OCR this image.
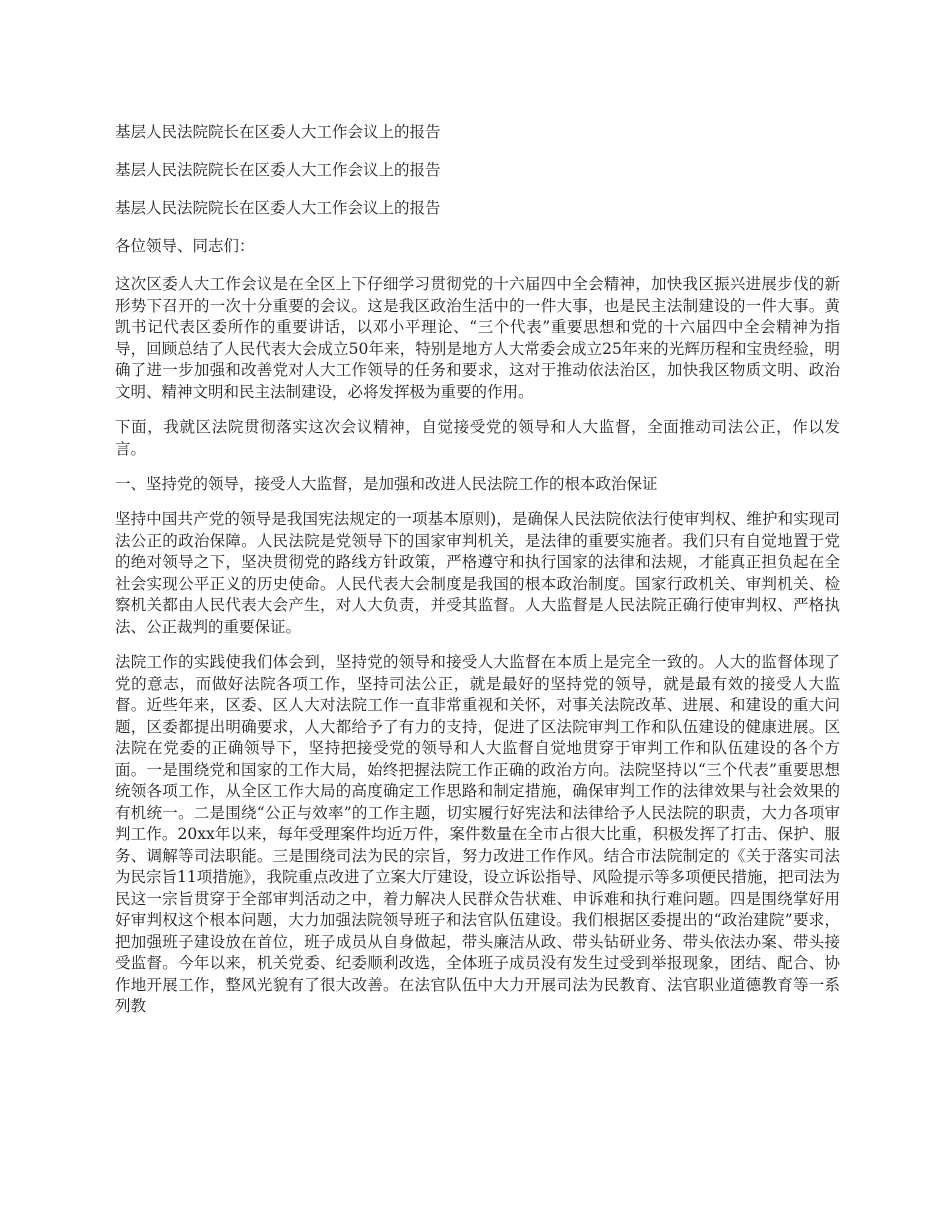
基层人民法院院长在区委人大工作会议上的报告

基层人民法院院长在区委人大工作会议上的报告

基层人民法院院长在区委人大工作会议上的报告

各位领导、同志们：

这次区委人大工作会议是在全区上下仔细学习贯彻党的十六届四中全会精神，加快我区振兴进展步伐的新形势下召开的一次十分重要的会议。这是我区政治生活中的一件大事，也是民主法制建设的一件大事。黄凯书记代表区委所作的重要讲话，以邓小平理论、“三个代表”重要思想和党的十六届四中全会精神为指导，回顾总结了人民代表大会成立50年来，特别是地方人大常委会成立25年来的光辉历程和宝贵经验，明确了进一步加强和改善党对人大工作领导的任务和要求，这对于推动依法治区，加快我区物质文明、政治文明、精神文明和民主法制建设，必将发挥极为重要的作用。

下面，我就区法院贯彻落实这次会议精神，自觉接受党的领导和人大监督，全面推动司法公正，作以发言。

一、坚持党的领导，接受人大监督，是加强和改进人民法院工作的根本政治保证

坚持中国共产党的领导是我国宪法规定的一项基本原则)，是确保人民法院依法行使审判权、维护和实现司法公正的政治保障。人民法院是党领导下的国家审判机关，是法律的重要实施者。我们只有自觉地置于党的绝对领导之下，坚决贯彻党的路线方针政策，严格遵守和执行国家的法律和法规，才能真正担负起在全社会实现公平正义的历史使命。人民代表大会制度是我国的根本政治制度。国家行政机关、审判机关、检察机关都由人民代表大会产生，对人大负责，并受其监督。人大监督是人民法院正确行使审判权、严格执法、公正裁判的重要保证。

法院工作的实践使我们体会到，坚持党的领导和接受人大监督在本质上是完全一致的。人大的监督体现了党的意志，而做好法院各项工作，坚持司法公正，就是最好的坚持党的领导，就是最有效的接受人大监督。近些年来，区委、区人大对法院工作一直非常重视和关怀，对事关法院改革、进展、和建设的重大问题，区委都提出明确要求，人大都给予了有力的支持，促进了区法院审判工作和队伍建设的健康进展。区法院在党委的正确领导下，坚持把接受党的领导和人大监督自觉地贯穿于审判工作和队伍建设的各个方面。一是围绕党和国家的工作大局，始终把握法院工作正确的政治方向。法院坚持以“三个代表”重要思想统领各项工作，从全区工作大局的高度确定工作思路和制定措施，确保审判工作的法律效果与社会效果的有机统一。二是围绕“公正与效率”的工作主题，切实履行好宪法和法律给予人民法院的职责，大力各项审判工作。20xx年以来，每年受理案件均近万件，案件数量在全市占很大比重，积极发挥了打击、保护、服务、调解等司法职能。三是围绕司法为民的宗旨，努力改进工作作风。结合市法院制定的《关于落实司法为民宗旨11项措施》，我院重点改进了立案大厅建设，设立诉讼指导、风险提示等多项便民措施，把司法为民这一宗旨贯穿于全部审判活动之中，着力解决人民群众告状难、申诉难和执行难问题。四是围绕掌好用好审判权这个根本问题，大力加强法院领导班子和法官队伍建设。我们根据区委提出的“政治建院”要求，把加强班子建设放在首位，班子成员从自身做起，带头廉洁从政、带头钻研业务、带头依法办案、带头接受监督。今年以来，机关党委、纪委顺利改选，全体班子成员没有发生过受到举报现象，团结、配合、协作地开展工作，整风光貌有了很大改善。在法官队伍中大力开展司法为民教育、法官职业道德教育等一系列教
